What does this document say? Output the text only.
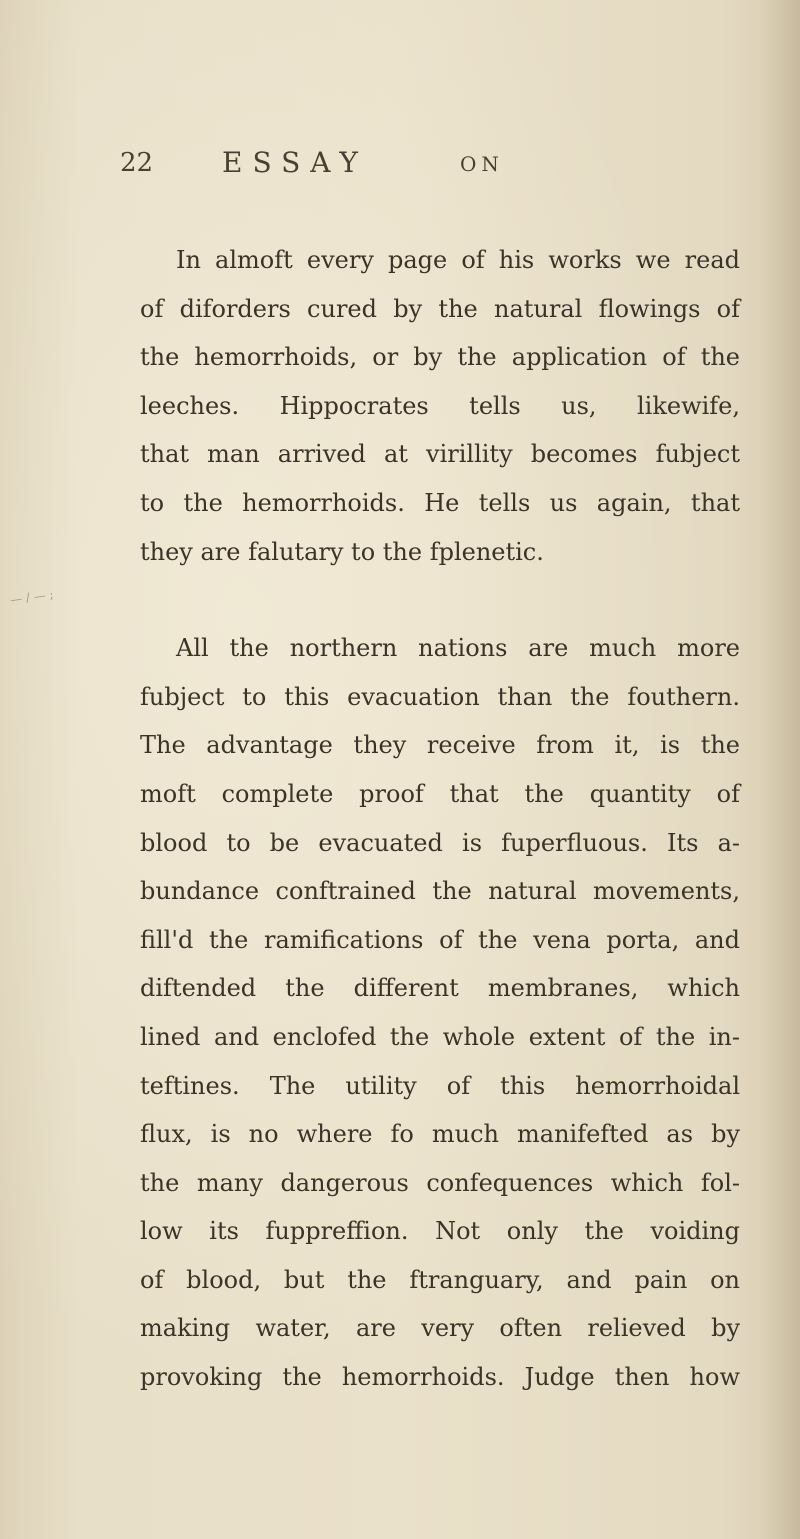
— / — ;
22 ESSAY	ON
In almoft every page of his works we read
of diforders cured by the natural flowings of
the hemorrhoids, or by the application of the
leeches. Hippocrates tells us, likewife,
that man arrived at virillity becomes fubject
to the hemorrhoids. He tells us again, that
they are falutary to the fplenetic.
All the northern nations are much more
fubject to this evacuation than the fouthern.
The advantage they receive from it, is the
moft complete proof that the quantity of
blood to be evacuated is fuperfluous. Its a-
bundance conftrained the natural movements,
fill'd the ramifications of the vena porta, and
diftended the different membranes, which
lined and enclofed the whole extent of the in-
teftines. The utility of this hemorrhoidal
flux, is no where fo much manifefted as by
the many dangerous confequences which fol-
low its fuppreffion. Not only the voiding
of blood, but the ftranguary, and pain on
making water, are very often relieved by
provoking the hemorrhoids. Judge then how
